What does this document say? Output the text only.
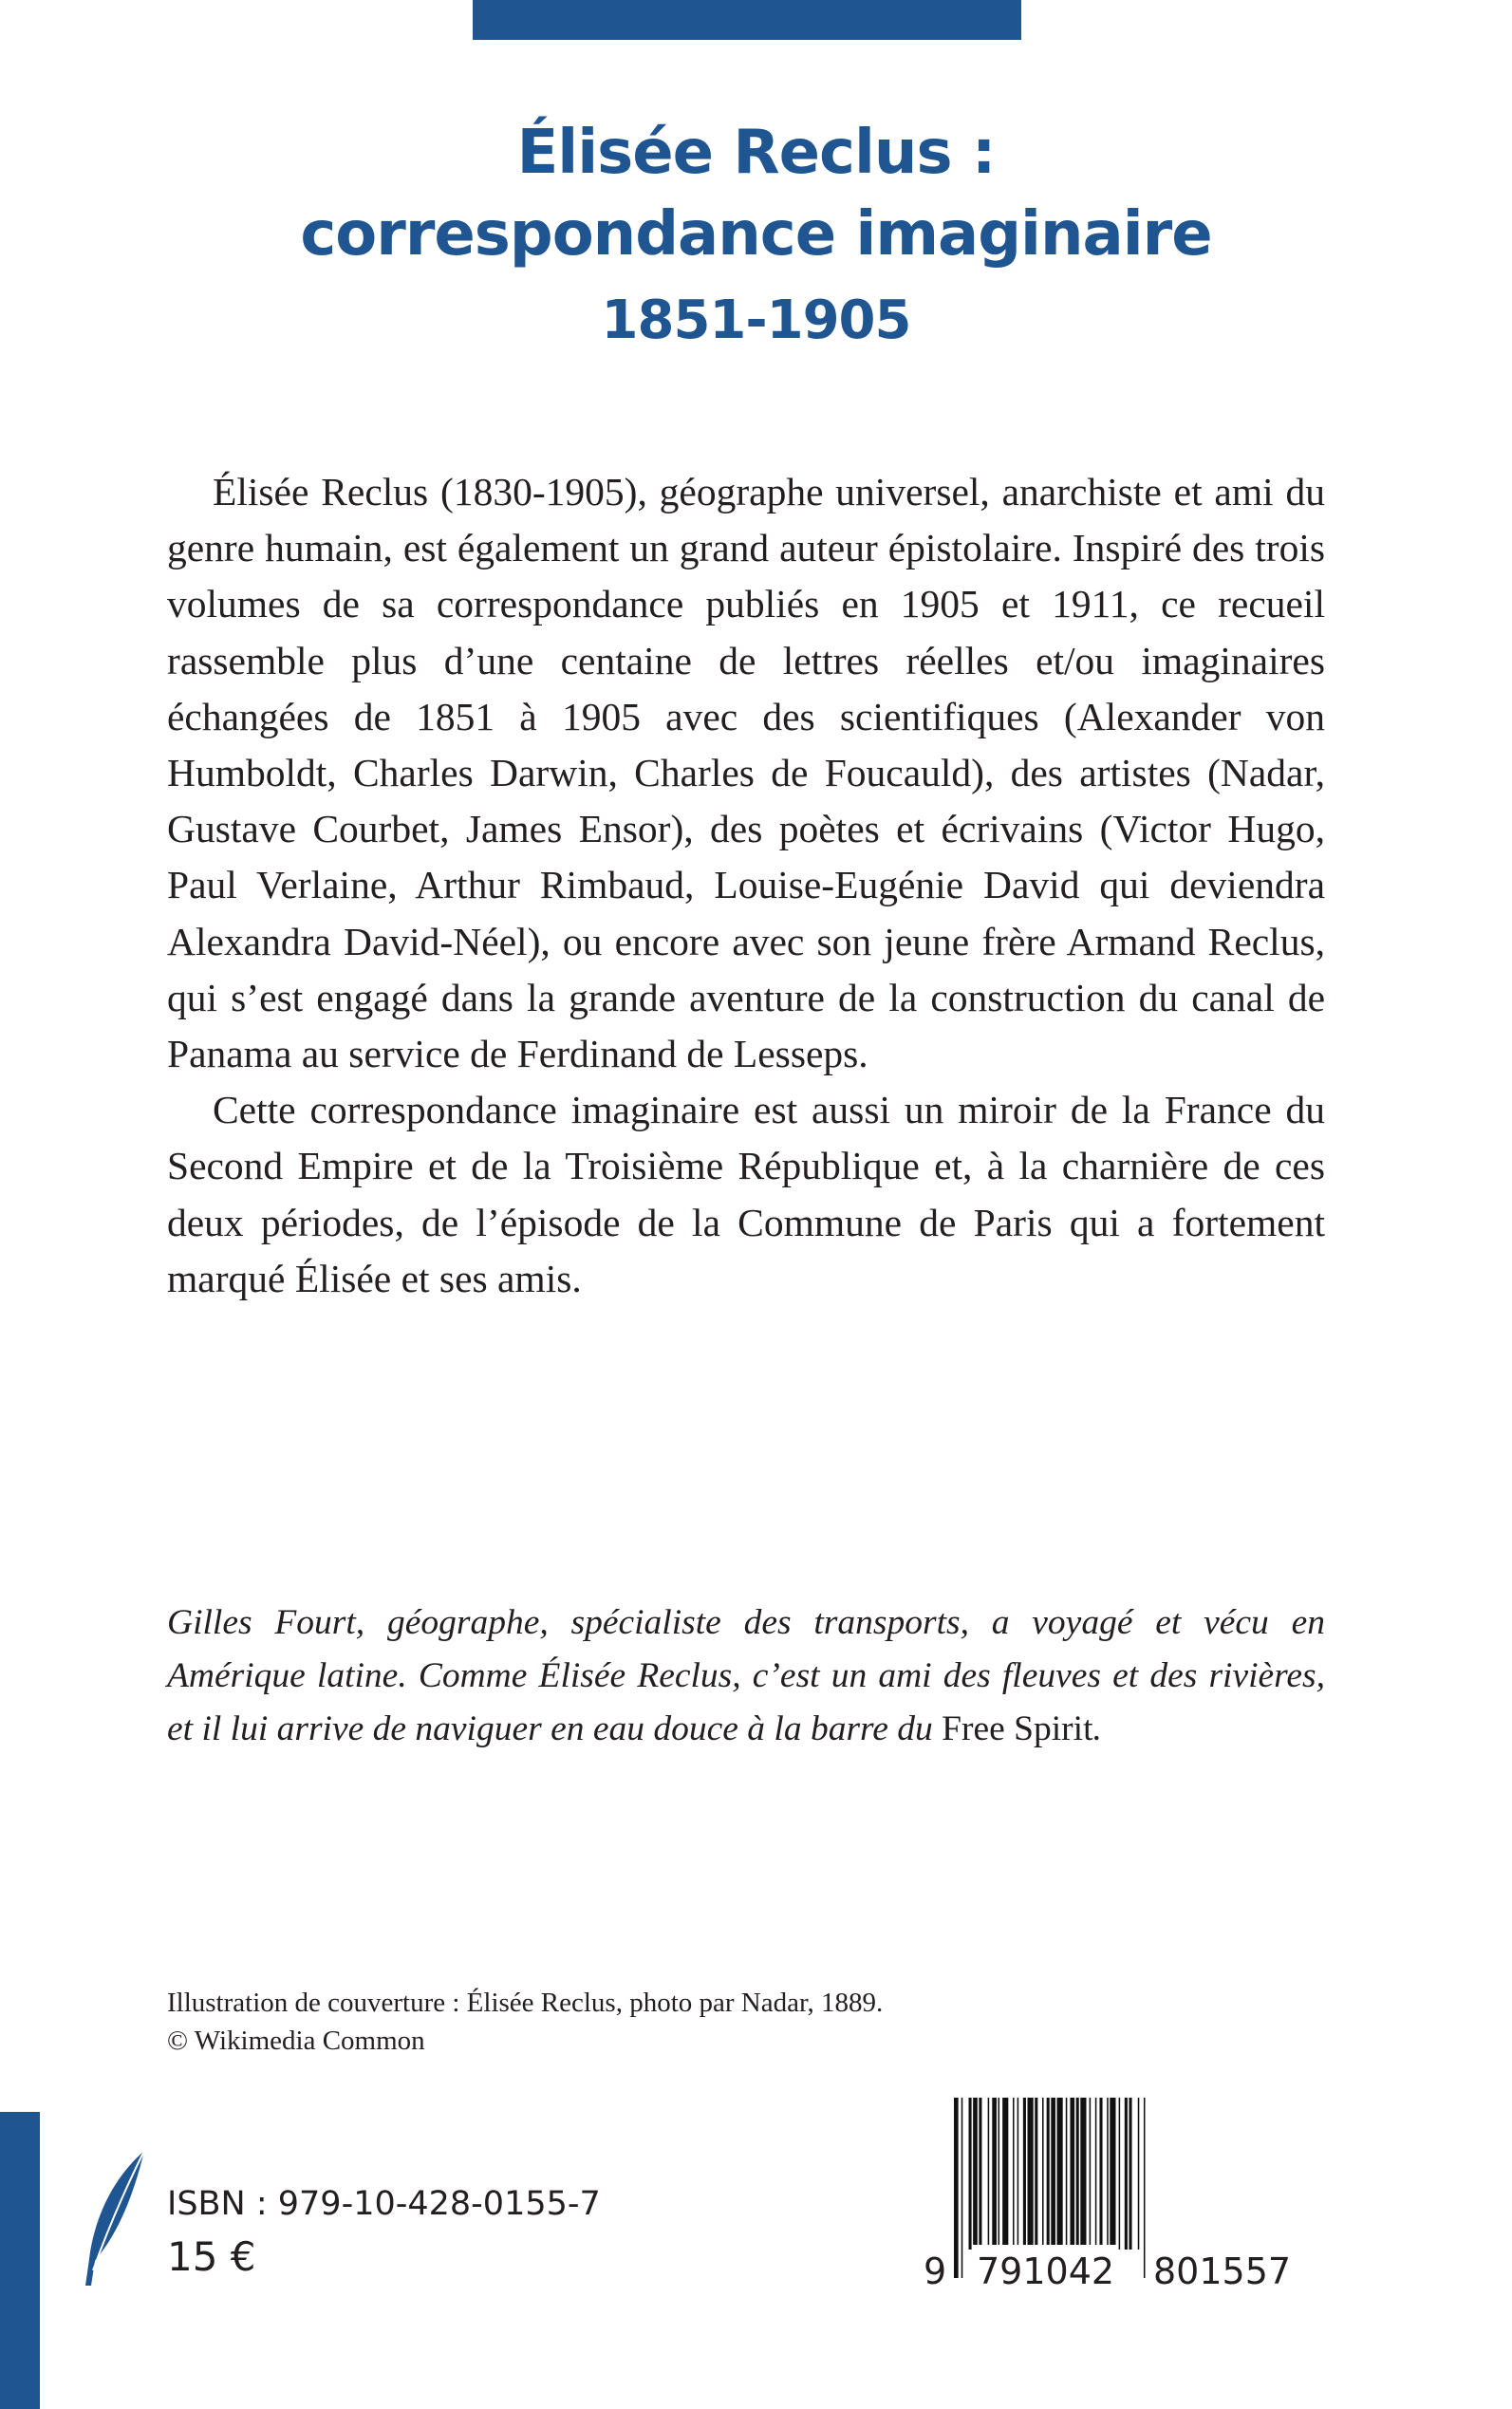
Élisée Reclus :
correspondance imaginaire
1851-1905

Élisée Reclus (1830-1905), géographe universel, anarchiste et ami du genre humain, est également un grand auteur épistolaire. Inspiré des trois volumes de sa correspondance publiés en 1905 et 1911, ce recueil rassemble plus d’une centaine de lettres réelles et/ou imaginaires échangées de 1851 à 1905 avec des scientifiques (Alexander von Humboldt, Charles Darwin, Charles de Foucauld), des artistes (Nadar, Gustave Courbet, James Ensor), des poètes et écrivains (Victor Hugo, Paul Verlaine, Arthur Rimbaud, Louise-Eugénie David qui deviendra Alexandra David-Néel), ou encore avec son jeune frère Armand Reclus, qui s’est engagé dans la grande aventure de la construction du canal de Panama au service de Ferdinand de Lesseps.

Cette correspondance imaginaire est aussi un miroir de la France du Second Empire et de la Troisième République et, à la charnière de ces deux périodes, de l’épisode de la Commune de Paris qui a fortement marqué Élisée et ses amis.

Gilles Fourt, géographe, spécialiste des transports, a voyagé et vécu en Amérique latine. Comme Élisée Reclus, c’est un ami des fleuves et des rivières, et il lui arrive de naviguer en eau douce à la barre du Free Spirit.

Illustration de couverture : Élisée Reclus, photo par Nadar, 1889.
© Wikimedia Common
ISBN : 979-10-428-0155-7
15 €	9 791042 801557
